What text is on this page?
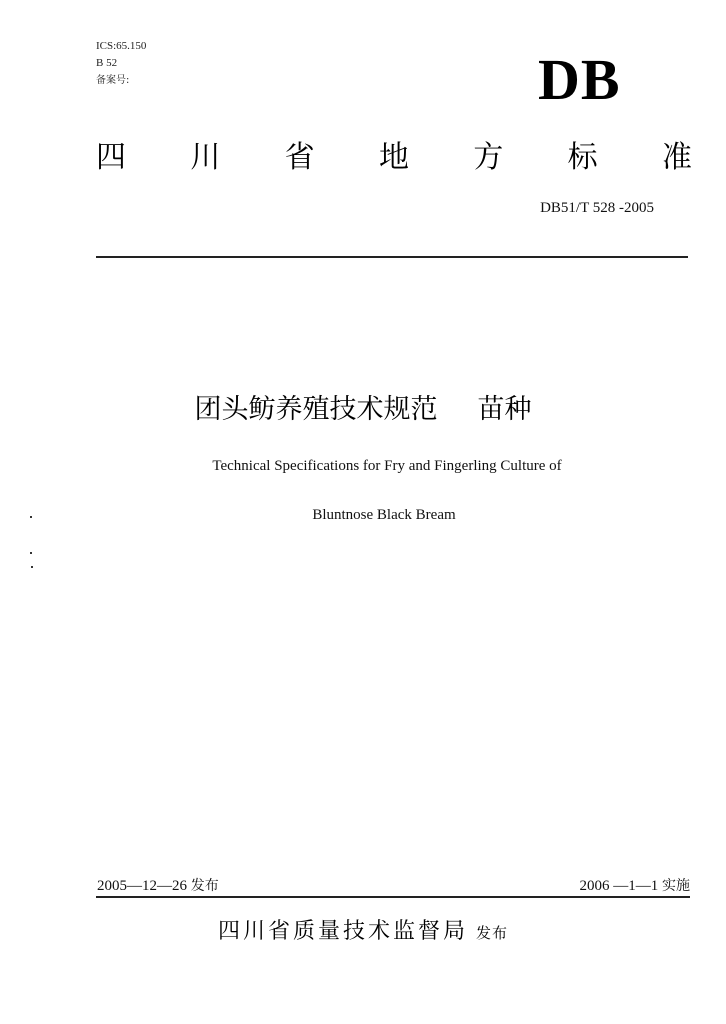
ICS:65.150
B 52
备案号:	DB
四 川 省 地 方 标 准
DB51/T 528 -2005
团头鲂养殖技术规范 苗种
Technical Specifications for Fry and Fingerling Culture of
Bluntnose Black Bream
2005—12—26 发布	2006 —1—1 实施
四川省质量技术监督局 发布
